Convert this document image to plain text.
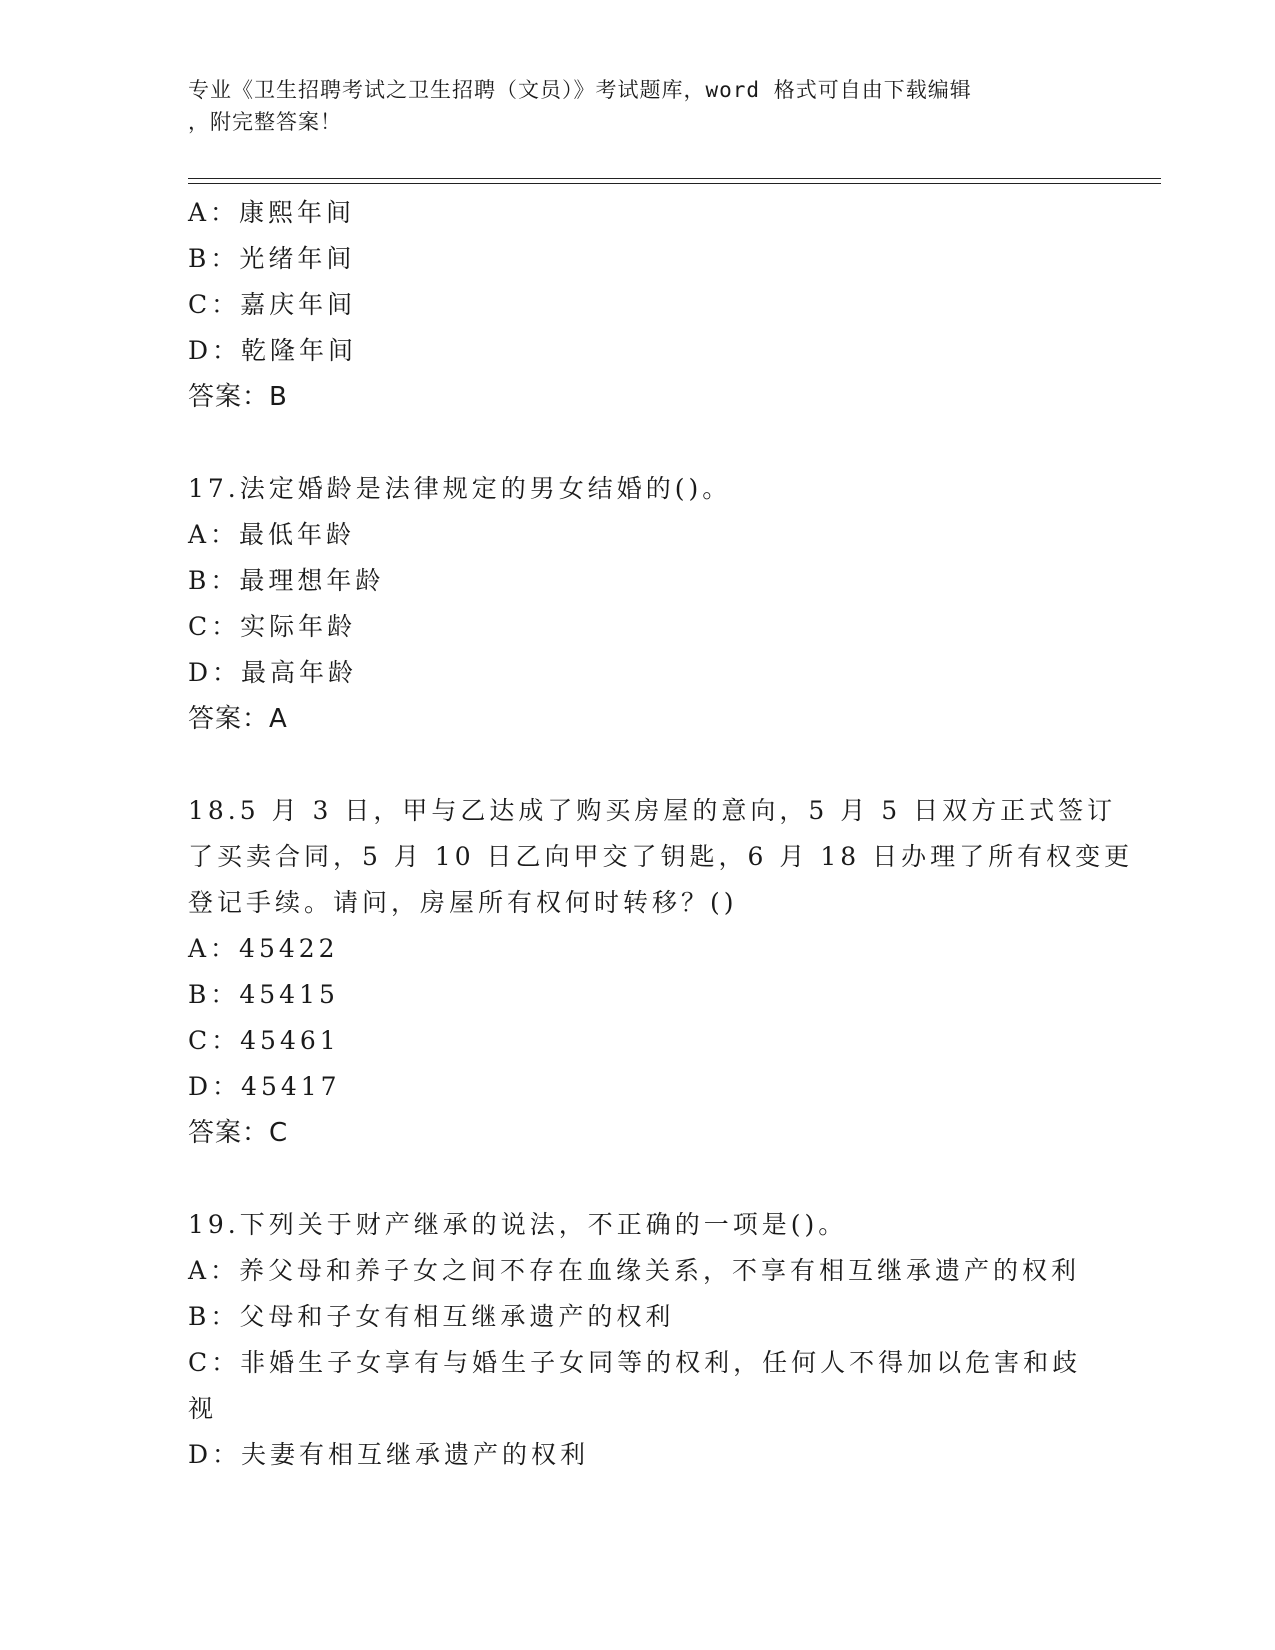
专业《卫生招聘考试之卫生招聘（文员）》考试题库，word 格式可自由下载编辑
，附完整答案！
A：康熙年间
B：光绪年间
C：嘉庆年间
D：乾隆年间
答案：B
17.法定婚龄是法律规定的男女结婚的()。
A：最低年龄
B：最理想年龄
C：实际年龄
D：最高年龄
答案：A
18.5 月 3 日，甲与乙达成了购买房屋的意向，5 月 5 日双方正式签订
了买卖合同，5 月 10 日乙向甲交了钥匙，6 月 18 日办理了所有权变更
登记手续。请问，房屋所有权何时转移？()
A：45422
B：45415
C：45461
D：45417
答案：C
19.下列关于财产继承的说法，不正确的一项是()。
A：养父母和养子女之间不存在血缘关系，不享有相互继承遗产的权利
B：父母和子女有相互继承遗产的权利
C：非婚生子女享有与婚生子女同等的权利，任何人不得加以危害和歧
视
D：夫妻有相互继承遗产的权利
